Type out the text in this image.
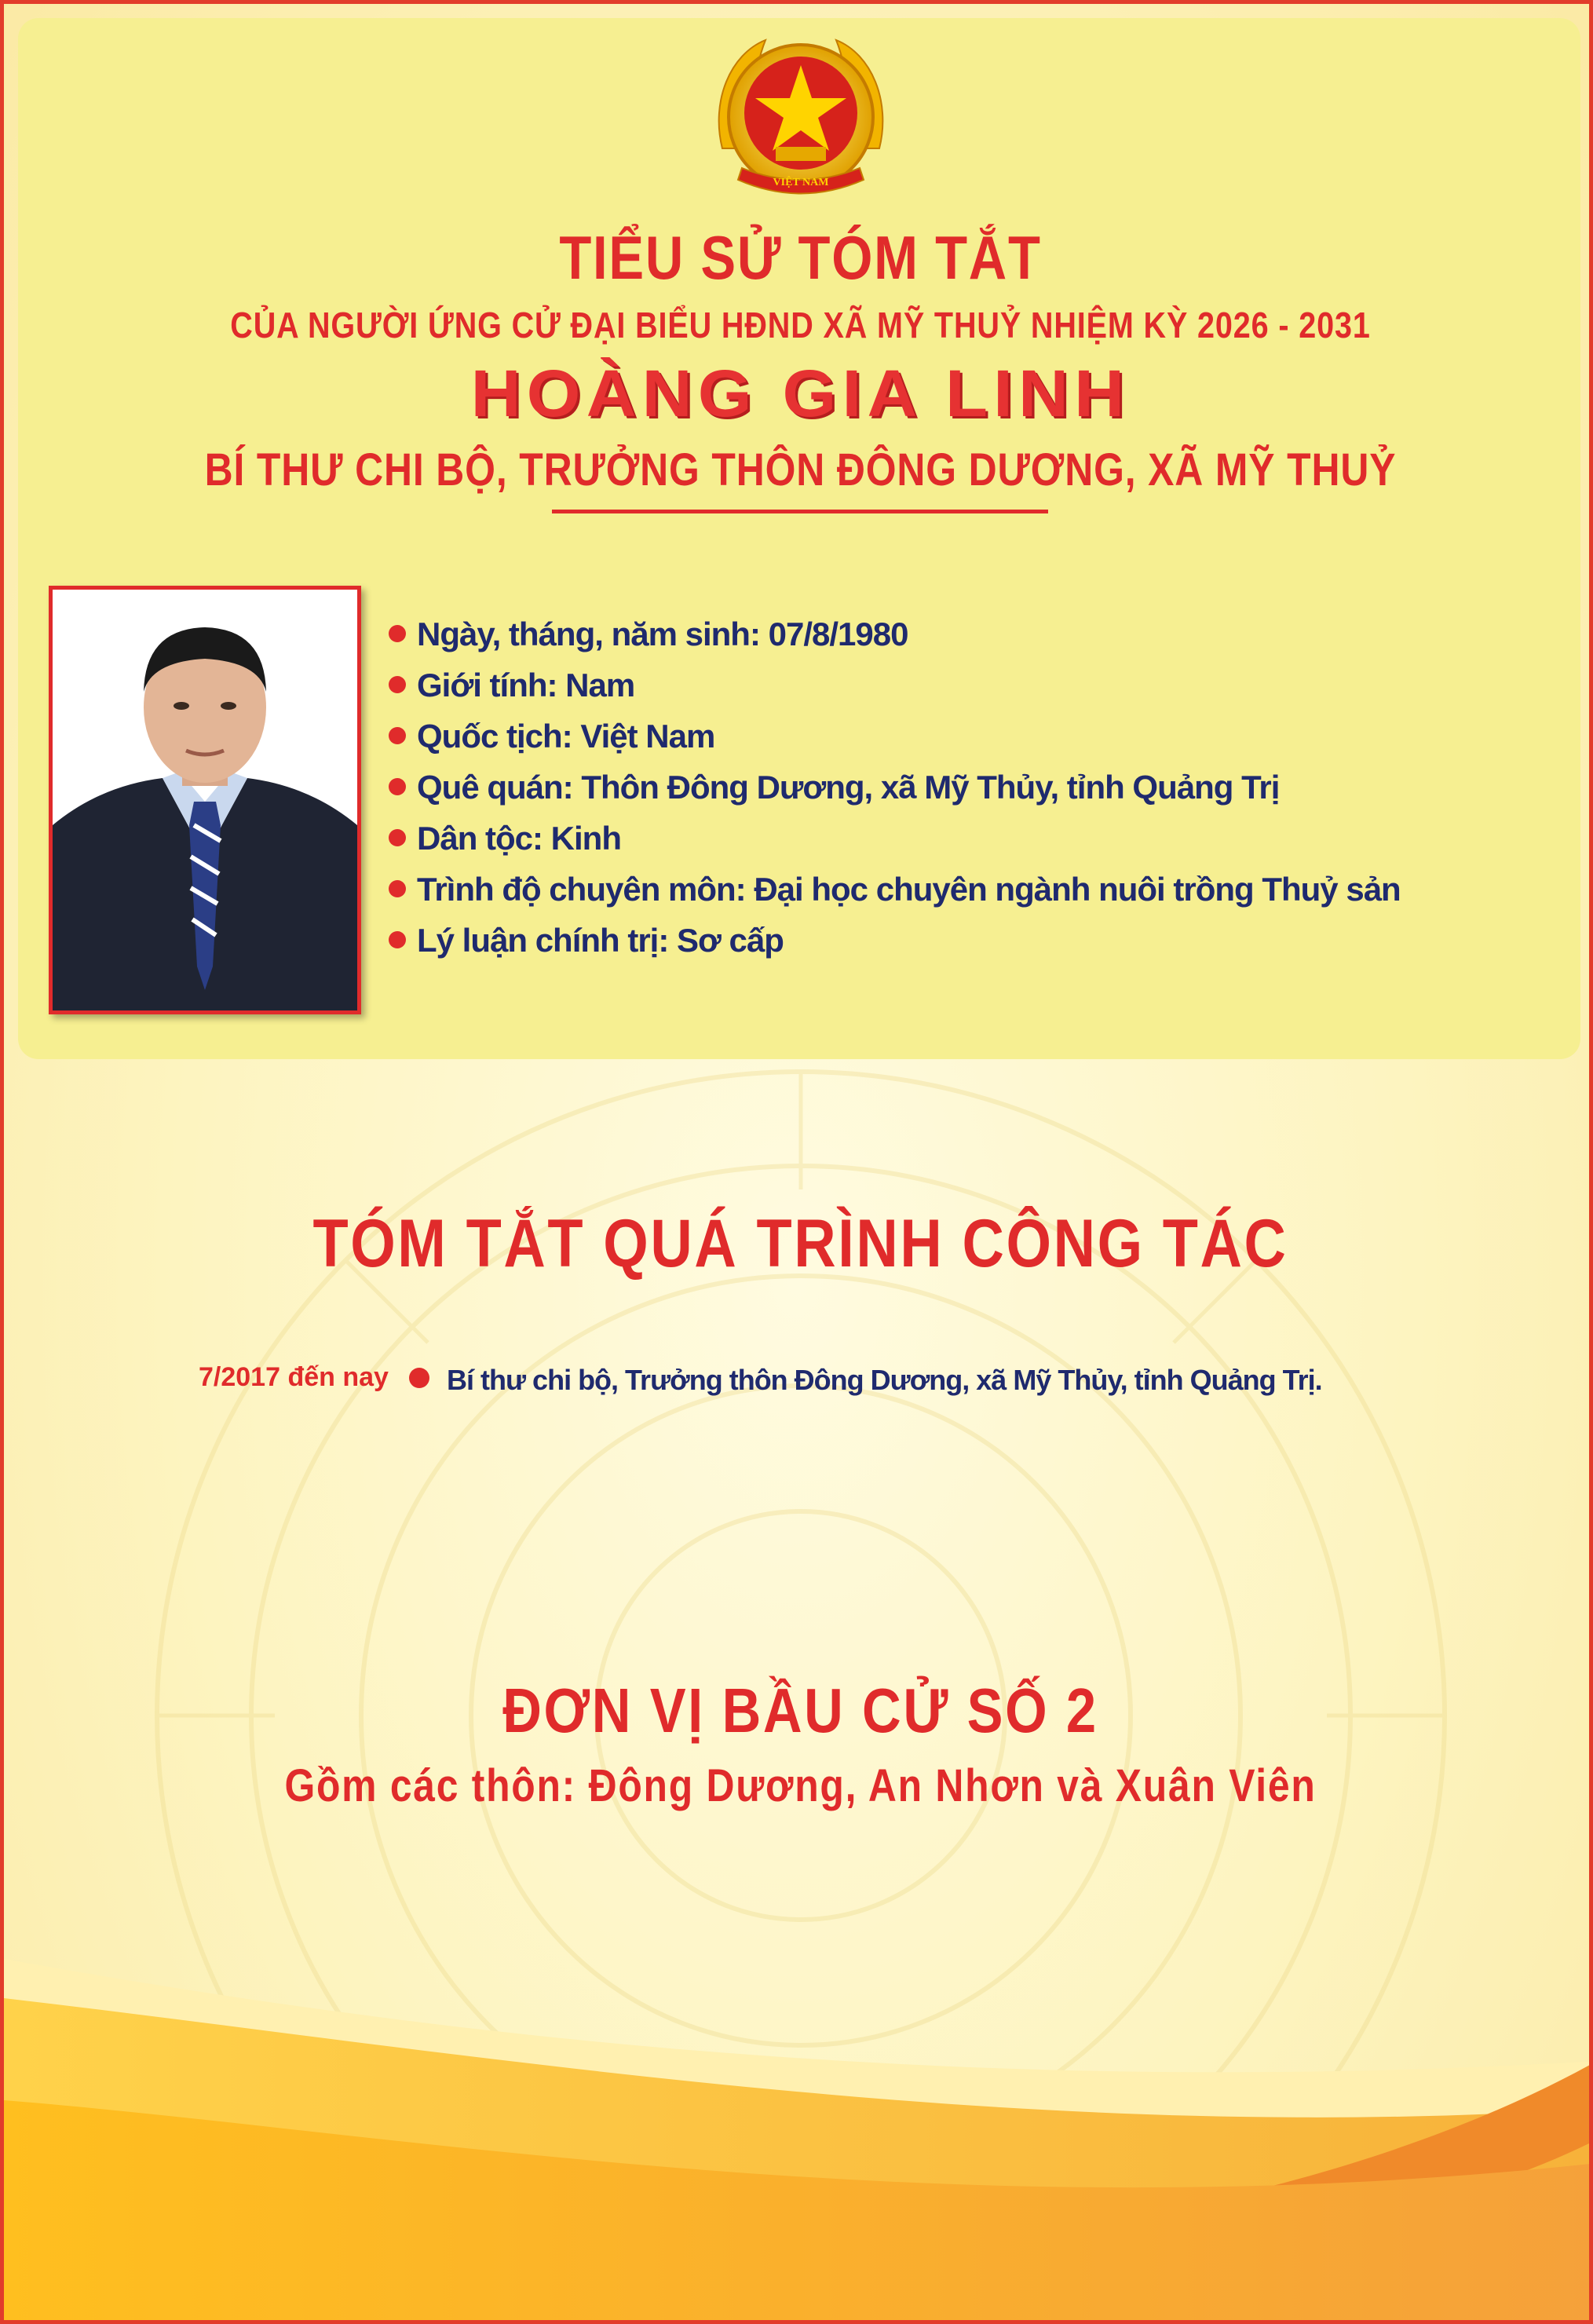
VIỆT NAM
TIỂU SỬ TÓM TẮT
CỦA NGƯỜI ỨNG CỬ ĐẠI BIỂU HĐND XÃ MỸ THUỶ NHIỆM KỲ 2026 - 2031
HOÀNG GIA LINH
BÍ THƯ CHI BỘ, TRƯỞNG THÔN ĐÔNG DƯƠNG, XÃ MỸ THUỶ
Ngày, tháng, năm sinh: 07/8/1980
Giới tính: Nam
Quốc tịch: Việt Nam
Quê quán: Thôn Đông Dương, xã Mỹ Thủy, tỉnh Quảng Trị
Dân tộc: Kinh
Trình độ chuyên môn: Đại học chuyên ngành nuôi trồng Thuỷ sản
Lý luận chính trị: Sơ cấp
TÓM TẮT QUÁ TRÌNH CÔNG TÁC
7/2017 đến nay Bí thư chi bộ, Trưởng thôn Đông Dương, xã Mỹ Thủy, tỉnh Quảng Trị.
ĐƠN VỊ BẦU CỬ SỐ 2
Gồm các thôn: Đông Dương, An Nhơn và Xuân Viên
